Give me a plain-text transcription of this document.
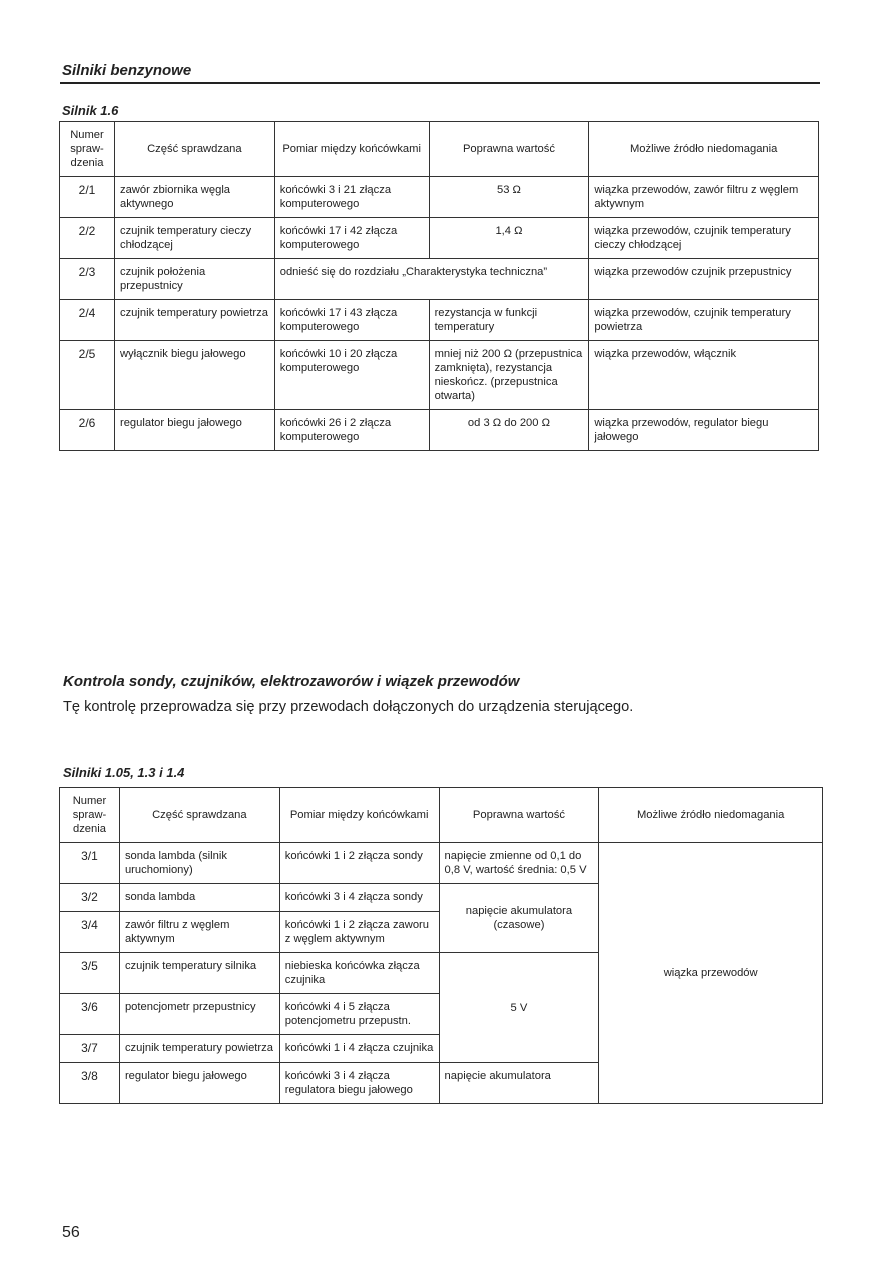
Silniki benzynowe
Silnik 1.6
Numer spraw-dzenia	Część sprawdzana	Pomiar między końcówkami	Poprawna wartość	Możliwe źródło niedomagania
2/1	zawór zbiornika węgla aktywnego	końcówki 3 i 21 złącza komputerowego	53 Ω	wiązka przewodów, zawór filtru z węglem aktywnym
2/2	czujnik temperatury cieczy chłodzącej	końcówki 17 i 42 złącza komputerowego	1,4 Ω	wiązka przewodów, czujnik temperatury cieczy chłodzącej
2/3	czujnik położenia przepustnicy	odnieść się do rozdziału „Charakterystyka techniczna”		wiązka przewodów czujnik przepustnicy
2/4	czujnik temperatury powietrza	końcówki 17 i 43 złącza komputerowego	rezystancja w funkcji temperatury	wiązka przewodów, czujnik temperatury powietrza
2/5	wyłącznik biegu jałowego	końcówki 10 i 20 złącza komputerowego	mniej niż 200 Ω (przepustnica zamknięta), rezystancja nieskończ. (przepustnica otwarta)	wiązka przewodów, włącznik
2/6	regulator biegu jałowego	końcówki 26 i 2 złącza komputerowego	od 3 Ω do 200 Ω	wiązka przewodów, regulator biegu jałowego
Kontrola sondy, czujników, elektrozaworów i wiązek przewodów
Tę kontrolę przeprowadza się przy przewodach dołączonych do urządzenia sterującego.
Silniki 1.05, 1.3 i 1.4
Numer spraw-dzenia	Część sprawdzana	Pomiar między końcówkami	Poprawna wartość	Możliwe źródło niedomagania
3/1	sonda lambda (silnik uruchomiony)	końcówki 1 i 2 złącza sondy	napięcie zmienne od 0,1 do 0,8 V, wartość średnia: 0,5 V	wiązka przewodów
3/2	sonda lambda	końcówki 3 i 4 złącza sondy	napięcie akumulatora (czasowe)	
3/4	zawór filtru z węglem aktywnym	końcówki 1 i 2 złącza zaworu z węglem aktywnym		
3/5	czujnik temperatury silnika	niebieska końcówka złącza czujnika	5 V	
3/6	potencjometr przepustnicy	końcówki 4 i 5 złącza potencjometru przepustn.		
3/7	czujnik temperatury powietrza	końcówki 1 i 4 złącza czujnika		
3/8	regulator biegu jałowego	końcówki 3 i 4 złącza regulatora biegu jałowego	napięcie akumulatora	
56
